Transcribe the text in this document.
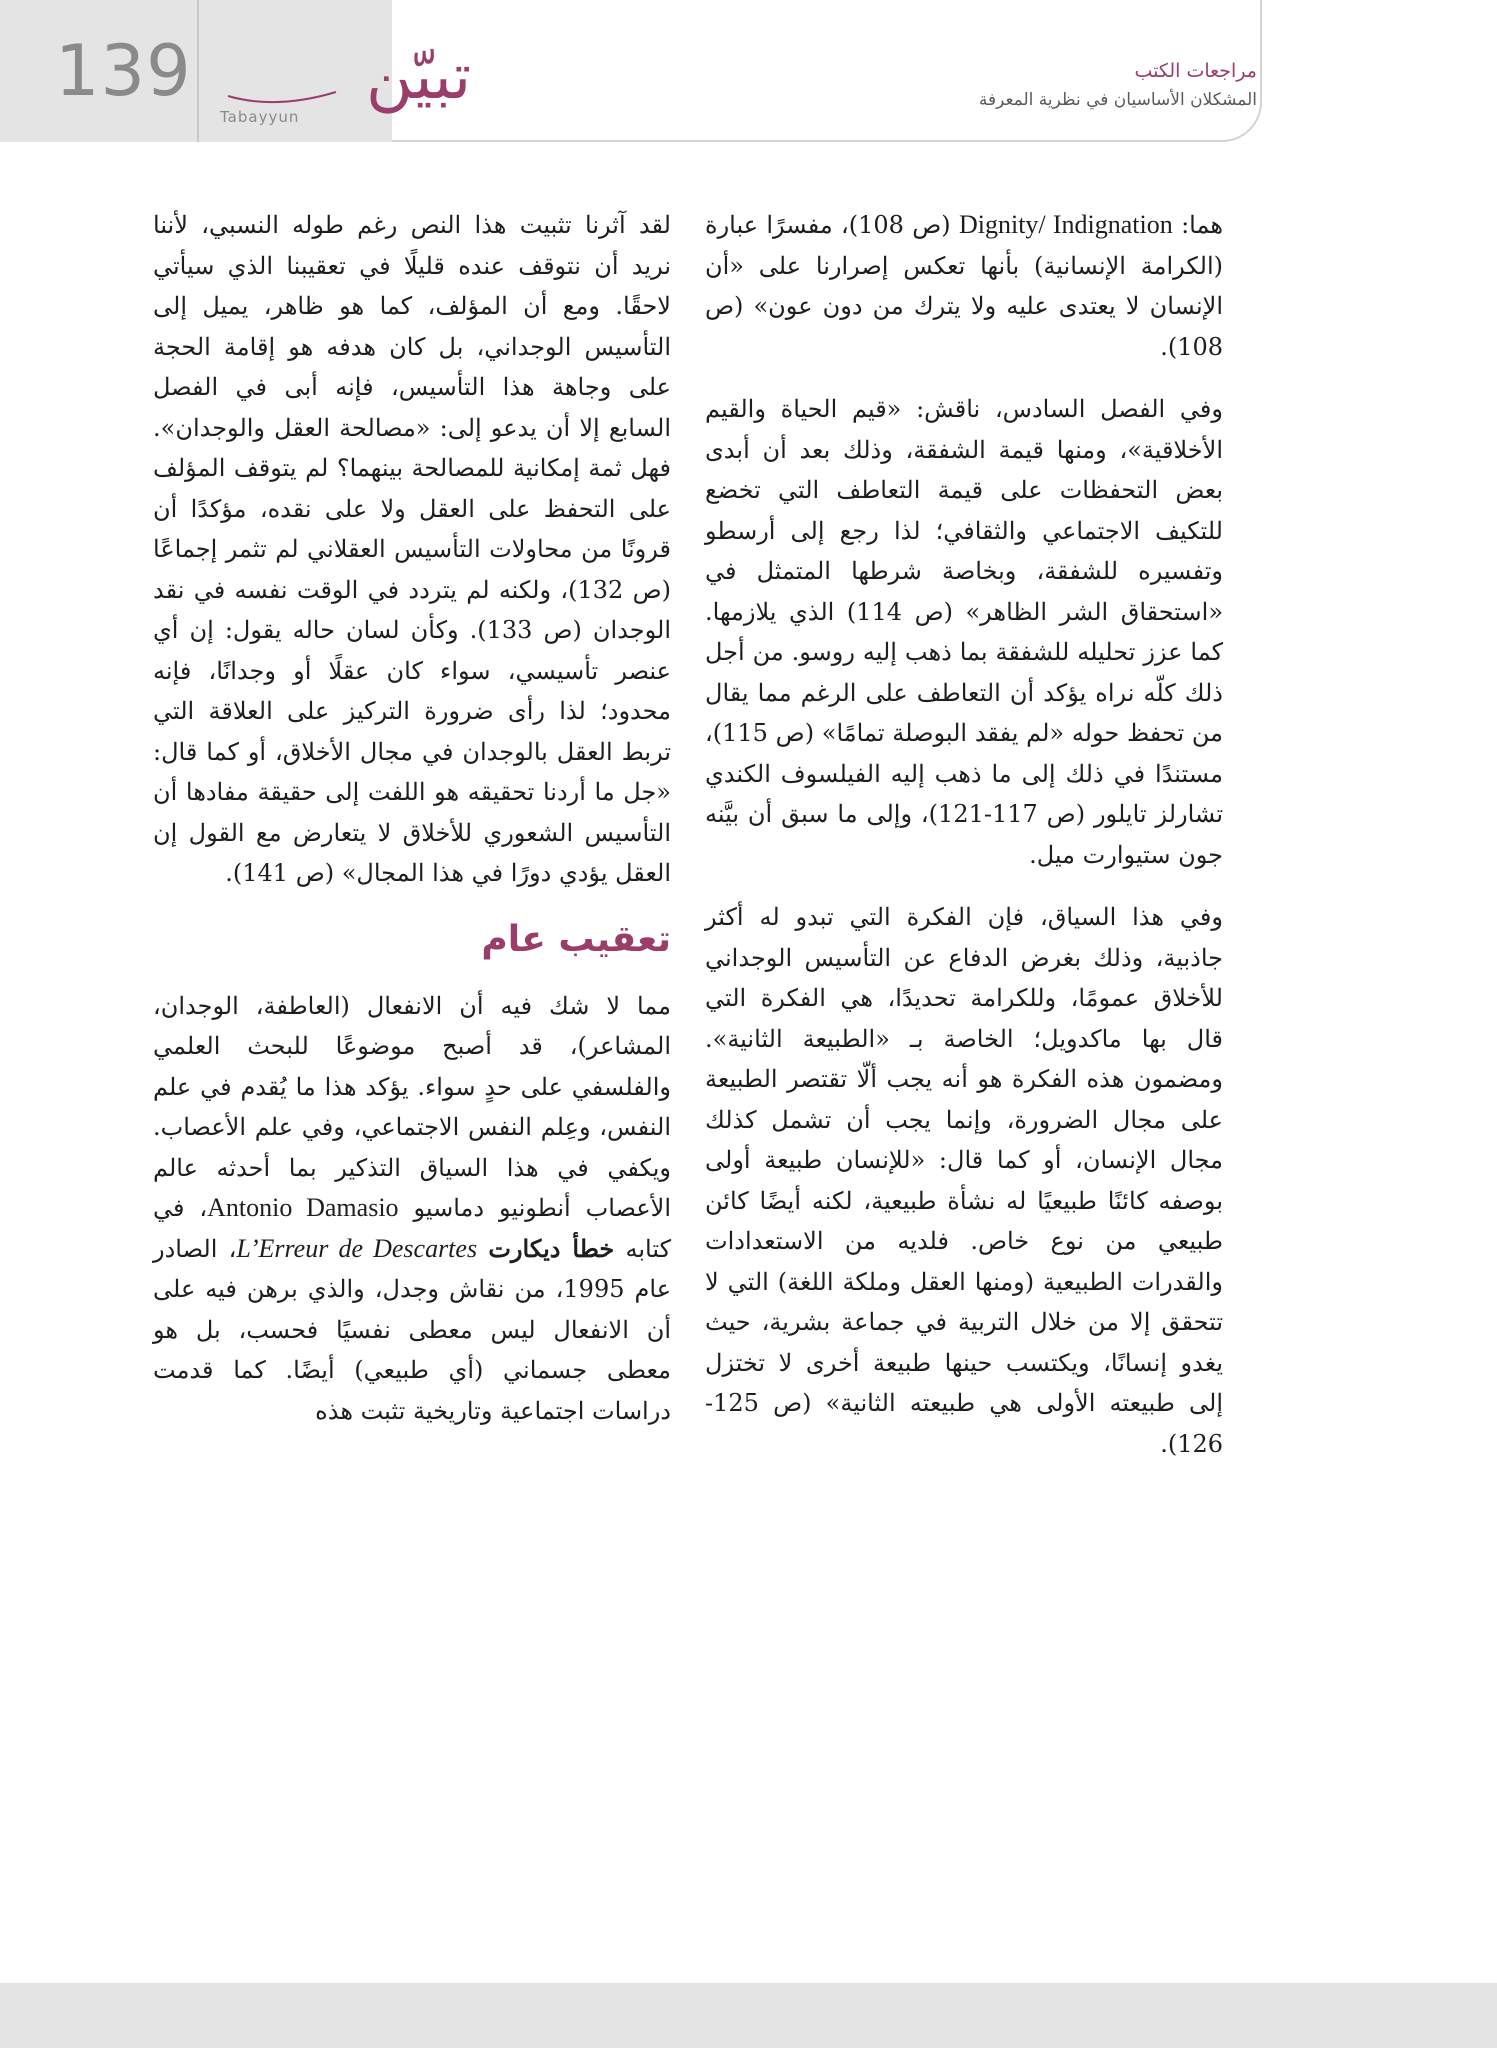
139	تبيّن
Tabayyun
مراجعات الكتب
المشكلان الأساسيان في نظرية المعرفة

هما: Dignity/ Indignation (ص 108)، مفسرًا عبارة (الكرامة الإنسانية) بأنها تعكس إصرارنا على «أن الإنسان لا يعتدى عليه ولا يترك من دون عون» (ص 108).

وفي الفصل السادس، ناقش: «قيم الحياة والقيم الأخلاقية»، ومنها قيمة الشفقة، وذلك بعد أن أبدى بعض التحفظات على قيمة التعاطف التي تخضع للتكيف الاجتماعي والثقافي؛ لذا رجع إلى أرسطو وتفسيره للشفقة، وبخاصة شرطها المتمثل في «استحقاق الشر الظاهر» (ص 114) الذي يلازمها. كما عزز تحليله للشفقة بما ذهب إليه روسو. من أجل ذلك كلّه نراه يؤكد أن التعاطف على الرغم مما يقال من تحفظ حوله «لم يفقد البوصلة تمامًا» (ص 115)، مستندًا في ذلك إلى ما ذهب إليه الفيلسوف الكندي تشارلز تايلور (ص 117-121)، وإلى ما سبق أن بيَّنه جون ستيوارت ميل.

وفي هذا السياق، فإن الفكرة التي تبدو له أكثر جاذبية، وذلك بغرض الدفاع عن التأسيس الوجداني للأخلاق عمومًا، وللكرامة تحديدًا، هي الفكرة التي قال بها ماكدويل؛ الخاصة بـ «الطبيعة الثانية». ومضمون هذه الفكرة هو أنه يجب ألّا تقتصر الطبيعة على مجال الضرورة، وإنما يجب أن تشمل كذلك مجال الإنسان، أو كما قال: «للإنسان طبيعة أولى بوصفه كائنًا طبيعيًا له نشأة طبيعية، لكنه أيضًا كائن طبيعي من نوع خاص. فلديه من الاستعدادات والقدرات الطبيعية (ومنها العقل وملكة اللغة) التي لا تتحقق إلا من خلال التربية في جماعة بشرية، حيث يغدو إنسانًا، ويكتسب حينها طبيعة أخرى لا تختزل إلى طبيعته الأولى هي طبيعته الثانية» (ص 125-126).

لقد آثرنا تثبيت هذا النص رغم طوله النسبي، لأننا نريد أن نتوقف عنده قليلًا في تعقيبنا الذي سيأتي لاحقًا. ومع أن المؤلف، كما هو ظاهر، يميل إلى التأسيس الوجداني، بل كان هدفه هو إقامة الحجة على وجاهة هذا التأسيس، فإنه أبى في الفصل السابع إلا أن يدعو إلى: «مصالحة العقل والوجدان». فهل ثمة إمكانية للمصالحة بينهما؟ لم يتوقف المؤلف على التحفظ على العقل ولا على نقده، مؤكدًا أن قرونًا من محاولات التأسيس العقلاني لم تثمر إجماعًا (ص 132)، ولكنه لم يتردد في الوقت نفسه في نقد الوجدان (ص 133). وكأن لسان حاله يقول: إن أي عنصر تأسيسي، سواء كان عقلًا أو وجدانًا، فإنه محدود؛ لذا رأى ضرورة التركيز على العلاقة التي تربط العقل بالوجدان في مجال الأخلاق، أو كما قال: «جل ما أردنا تحقيقه هو اللفت إلى حقيقة مفادها أن التأسيس الشعوري للأخلاق لا يتعارض مع القول إن العقل يؤدي دورًا في هذا المجال» (ص 141).

تعقيب عام

مما لا شك فيه أن الانفعال (العاطفة، الوجدان، المشاعر)، قد أصبح موضوعًا للبحث العلمي والفلسفي على حدٍ سواء. يؤكد هذا ما يُقدم في علم النفس، وعِلم النفس الاجتماعي، وفي علم الأعصاب. ويكفي في هذا السياق التذكير بما أحدثه عالم الأعصاب أنطونيو دماسيو Antonio Damasio، في كتابه خطأ ديكارت L’Erreur de Descartes، الصادر عام 1995، من نقاش وجدل، والذي برهن فيه على أن الانفعال ليس معطى نفسيًا فحسب، بل هو معطى جسماني (أي طبيعي) أيضًا. كما قدمت دراسات اجتماعية وتاريخية تثبت هذه
